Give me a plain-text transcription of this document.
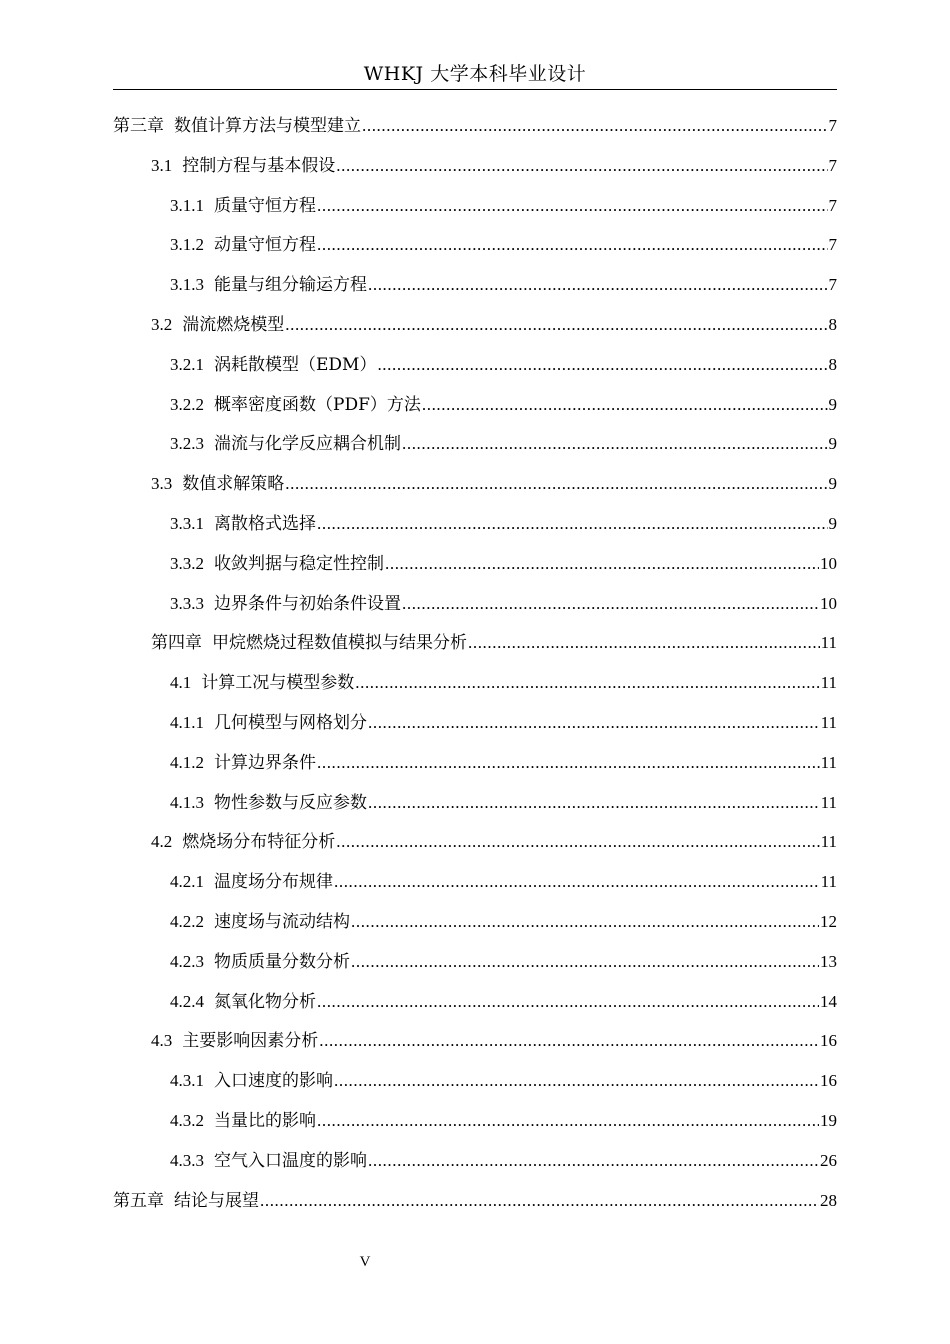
WHKJ 大学本科毕业设计
第三章 数值计算方法与模型建立 .....	7
3.1 控制方程与基本假设 .....	7
3.1.1 质量守恒方程 .....	7
3.1.2 动量守恒方程 .....	7
3.1.3 能量与组分输运方程 .....	7
3.2 湍流燃烧模型 .....	8
3.2.1 涡耗散模型（EDM） .....	8
3.2.2 概率密度函数（PDF）方法 .....	9
3.2.3 湍流与化学反应耦合机制 .....	9
3.3 数值求解策略 .....	9
3.3.1 离散格式选择 .....	9
3.3.2 收敛判据与稳定性控制 .....	10
3.3.3 边界条件与初始条件设置 .....	10
第四章 甲烷燃烧过程数值模拟与结果分析 .....	11
4.1 计算工况与模型参数 .....	11
4.1.1 几何模型与网格划分 .....	11
4.1.2 计算边界条件 .....	11
4.1.3 物性参数与反应参数 .....	11
4.2 燃烧场分布特征分析 .....	11
4.2.1 温度场分布规律 .....	11
4.2.2 速度场与流动结构 .....	12
4.2.3 物质质量分数分析 .....	13
4.2.4 氮氧化物分析 .....	14
4.3 主要影响因素分析 .....	16
4.3.1 入口速度的影响 .....	16
4.3.2 当量比的影响 .....	19
4.3.3 空气入口温度的影响 .....	26
第五章 结论与展望 .....	28
V
